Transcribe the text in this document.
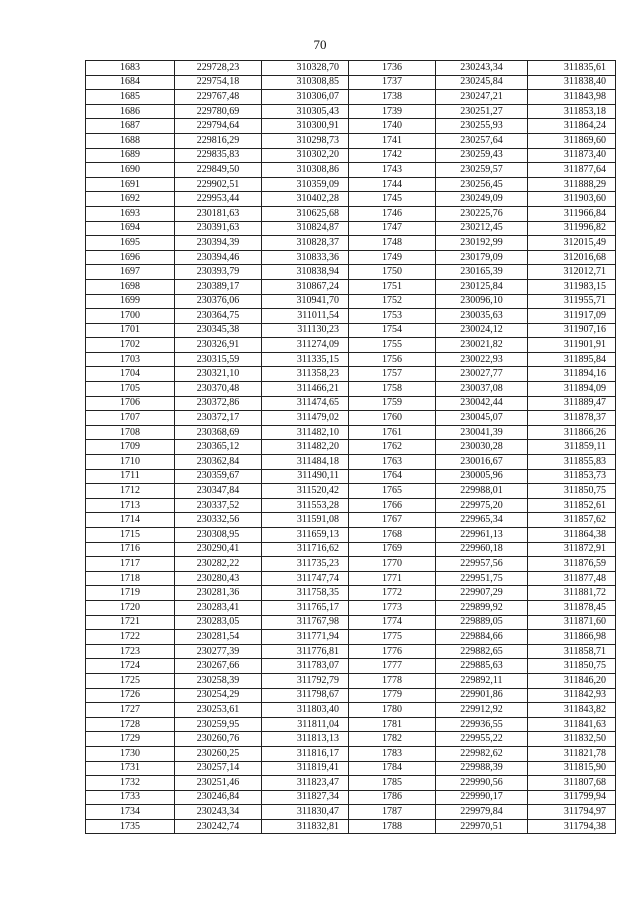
70
1683	229728,23	310328,70	1736	230243,34	311835,61
1684	229754,18	310308,85	1737	230245,84	311838,40
1685	229767,48	310306,07	1738	230247,21	311843,98
1686	229780,69	310305,43	1739	230251,27	311853,18
1687	229794,64	310300,91	1740	230255,93	311864,24
1688	229816,29	310298,73	1741	230257,64	311869,60
1689	229835,83	310302,20	1742	230259,43	311873,40
1690	229849,50	310308,86	1743	230259,57	311877,64
1691	229902,51	310359,09	1744	230256,45	311888,29
1692	229953,44	310402,28	1745	230249,09	311903,60
1693	230181,63	310625,68	1746	230225,76	311966,84
1694	230391,63	310824,87	1747	230212,45	311996,82
1695	230394,39	310828,37	1748	230192,99	312015,49
1696	230394,46	310833,36	1749	230179,09	312016,68
1697	230393,79	310838,94	1750	230165,39	312012,71
1698	230389,17	310867,24	1751	230125,84	311983,15
1699	230376,06	310941,70	1752	230096,10	311955,71
1700	230364,75	311011,54	1753	230035,63	311917,09
1701	230345,38	311130,23	1754	230024,12	311907,16
1702	230326,91	311274,09	1755	230021,82	311901,91
1703	230315,59	311335,15	1756	230022,93	311895,84
1704	230321,10	311358,23	1757	230027,77	311894,16
1705	230370,48	311466,21	1758	230037,08	311894,09
1706	230372,86	311474,65	1759	230042,44	311889,47
1707	230372,17	311479,02	1760	230045,07	311878,37
1708	230368,69	311482,10	1761	230041,39	311866,26
1709	230365,12	311482,20	1762	230030,28	311859,11
1710	230362,84	311484,18	1763	230016,67	311855,83
1711	230359,67	311490,11	1764	230005,96	311853,73
1712	230347,84	311520,42	1765	229988,01	311850,75
1713	230337,52	311553,28	1766	229975,20	311852,61
1714	230332,56	311591,08	1767	229965,34	311857,62
1715	230308,95	311659,13	1768	229961,13	311864,38
1716	230290,41	311716,62	1769	229960,18	311872,91
1717	230282,22	311735,23	1770	229957,56	311876,59
1718	230280,43	311747,74	1771	229951,75	311877,48
1719	230281,36	311758,35	1772	229907,29	311881,72
1720	230283,41	311765,17	1773	229899,92	311878,45
1721	230283,05	311767,98	1774	229889,05	311871,60
1722	230281,54	311771,94	1775	229884,66	311866,98
1723	230277,39	311776,81	1776	229882,65	311858,71
1724	230267,66	311783,07	1777	229885,63	311850,75
1725	230258,39	311792,79	1778	229892,11	311846,20
1726	230254,29	311798,67	1779	229901,86	311842,93
1727	230253,61	311803,40	1780	229912,92	311843,82
1728	230259,95	311811,04	1781	229936,55	311841,63
1729	230260,76	311813,13	1782	229955,22	311832,50
1730	230260,25	311816,17	1783	229982,62	311821,78
1731	230257,14	311819,41	1784	229988,39	311815,90
1732	230251,46	311823,47	1785	229990,56	311807,68
1733	230246,84	311827,34	1786	229990,17	311799,94
1734	230243,34	311830,47	1787	229979,84	311794,97
1735	230242,74	311832,81	1788	229970,51	311794,38
